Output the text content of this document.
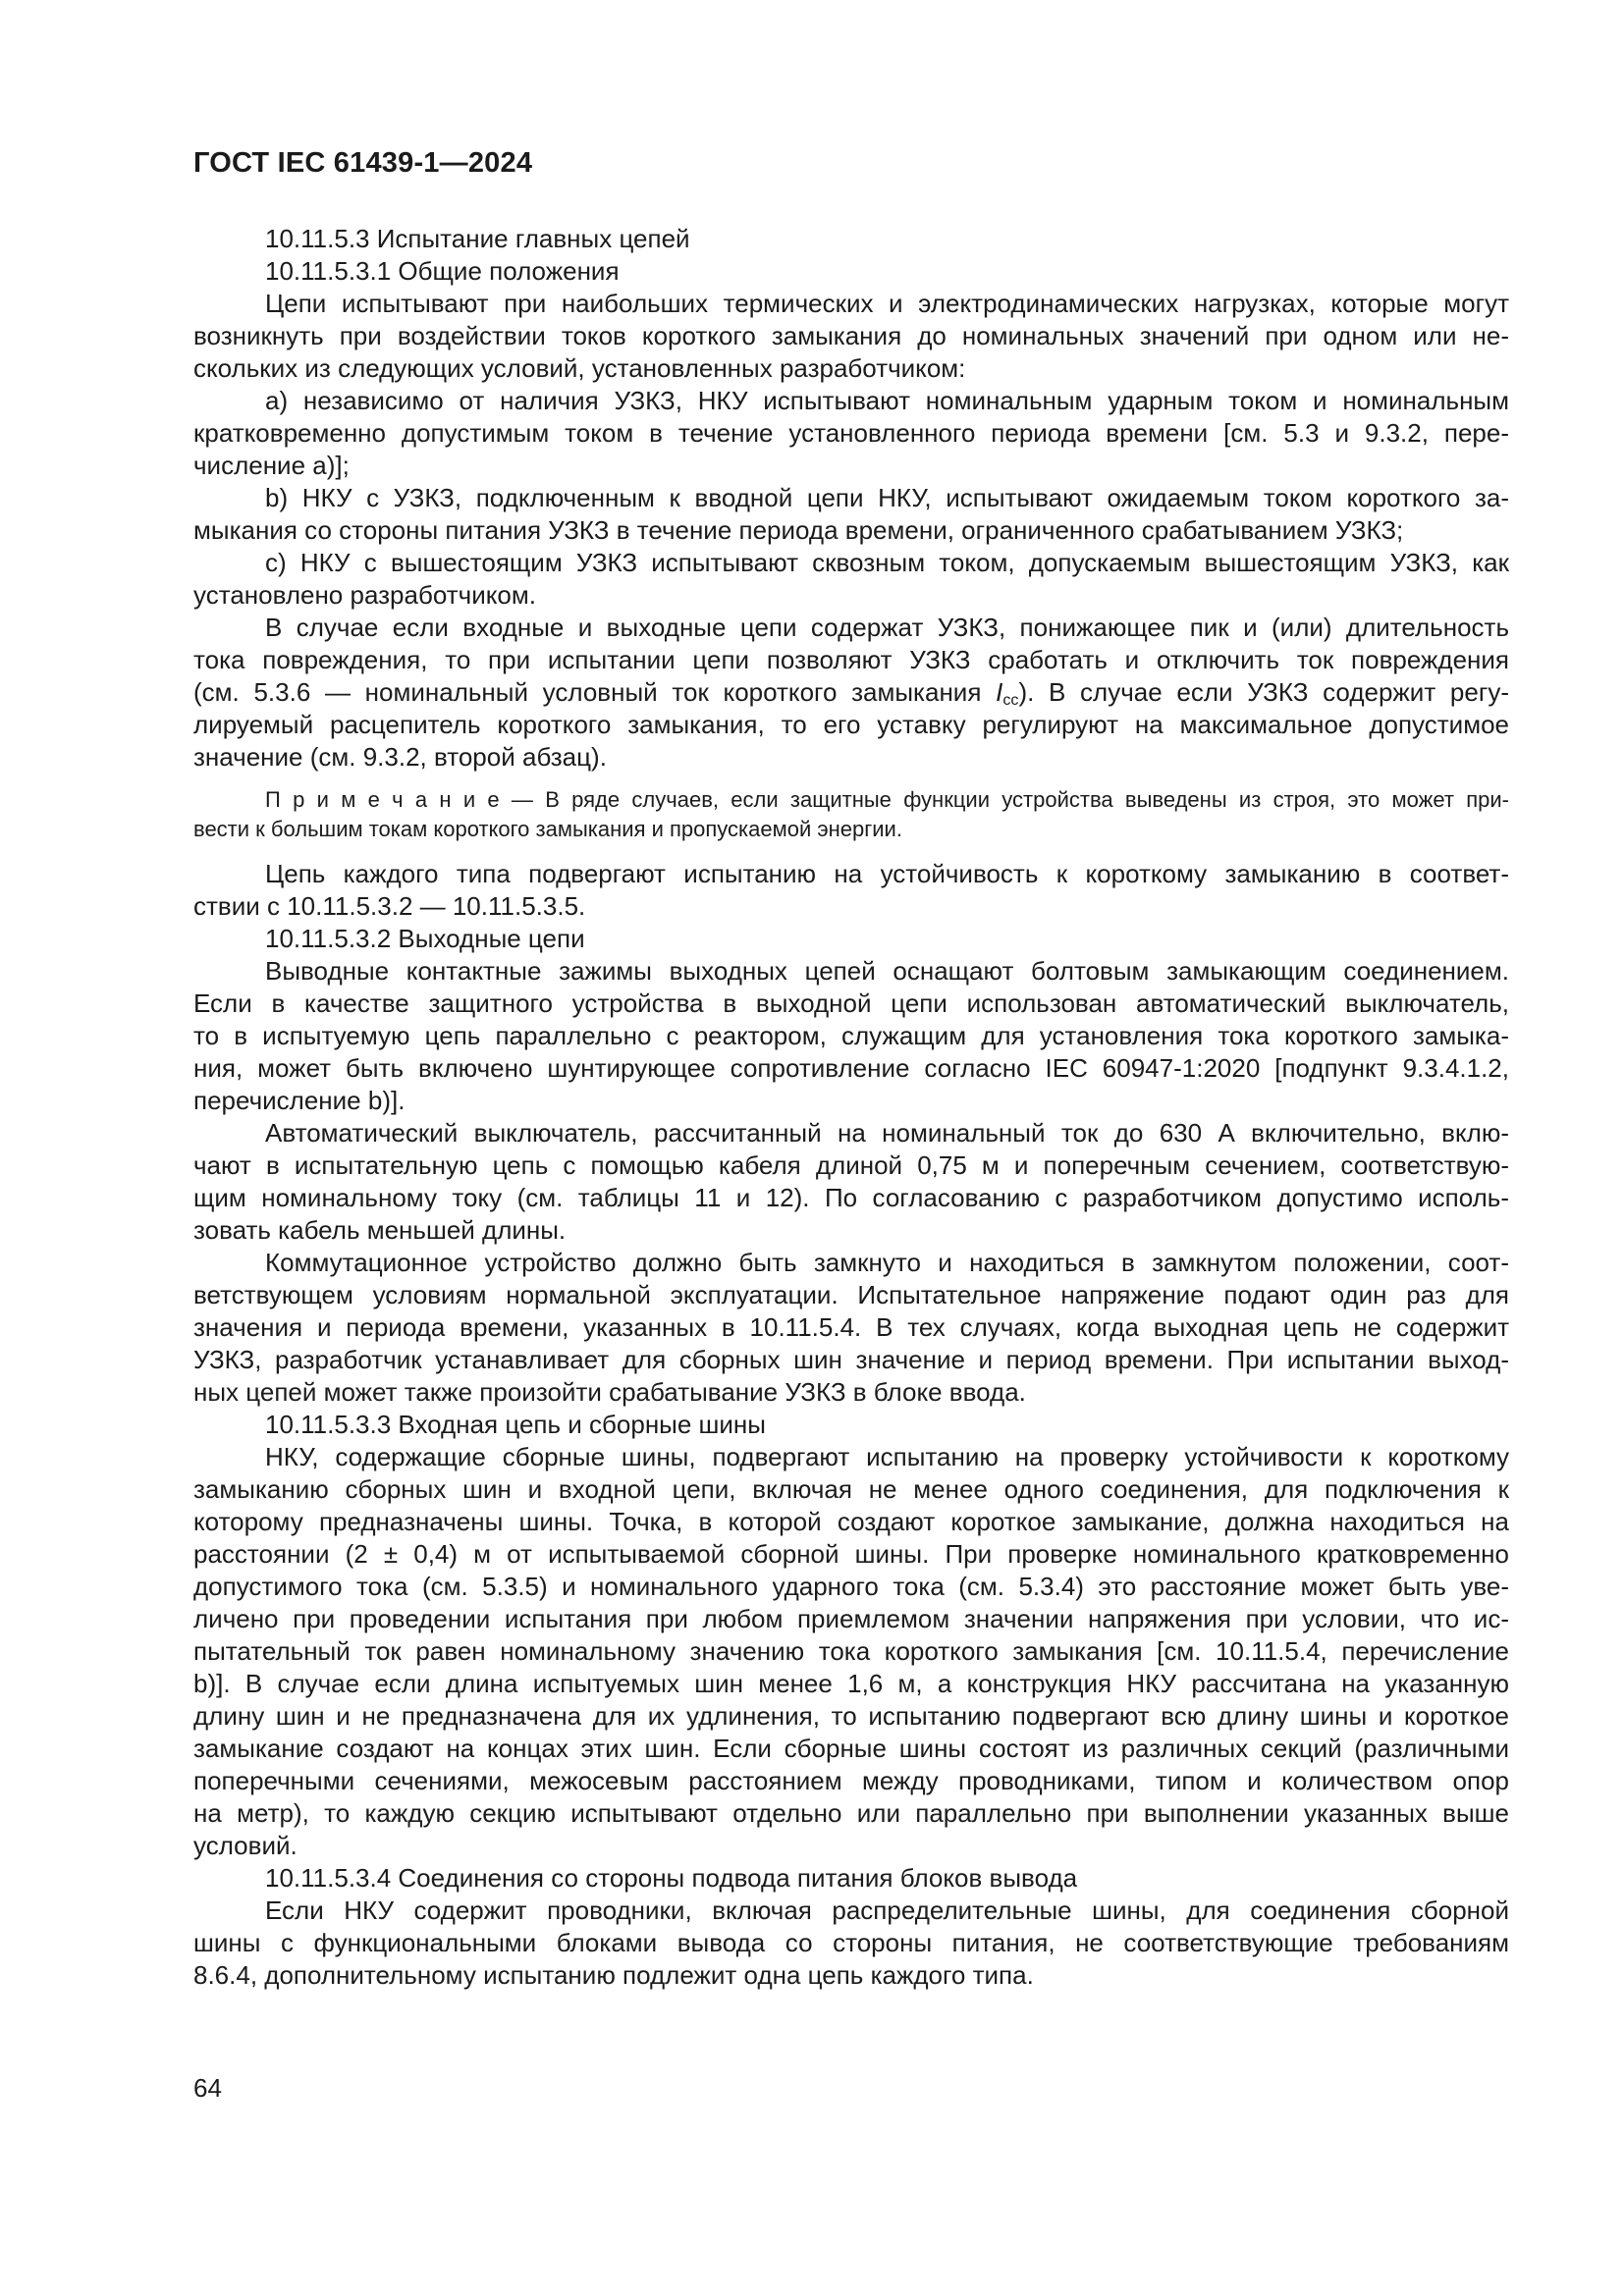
ГОСТ IEC 61439-1—2024
10.11.5.3 Испытание главных цепей
10.11.5.3.1 Общие положения
Цепи испытывают при наибольших термических и электродинамических нагрузках, которые могут
возникнуть при воздействии токов короткого замыкания до номинальных значений при одном или не-
скольких из следующих условий, установленных разработчиком:
a) независимо от наличия УЗКЗ, НКУ испытывают номинальным ударным током и номинальным
кратковременно допустимым током в течение установленного периода времени [см. 5.3 и 9.3.2, пере-
числение a)];
b) НКУ с УЗКЗ, подключенным к вводной цепи НКУ, испытывают ожидаемым током короткого за-
мыкания со стороны питания УЗКЗ в течение периода времени, ограниченного срабатыванием УЗКЗ;
c) НКУ с вышестоящим УЗКЗ испытывают сквозным током, допускаемым вышестоящим УЗКЗ, как
установлено разработчиком.
В случае если входные и выходные цепи содержат УЗКЗ, понижающее пик и (или) длительность
тока повреждения, то при испытании цепи позволяют УЗКЗ сработать и отключить ток повреждения
(см. 5.3.6 — номинальный условный ток короткого замыкания $I_{cc}$). В случае если УЗКЗ содержит регу-
лируемый расцепитель короткого замыкания, то его уставку регулируют на максимальное допустимое
значение (см. 9.3.2, второй абзац).
П р и м е ч а н и е — В ряде случаев, если защитные функции устройства выведены из строя, это может при-
вести к большим токам короткого замыкания и пропускаемой энергии.
Цепь каждого типа подвергают испытанию на устойчивость к короткому замыканию в соответ-
ствии с 10.11.5.3.2 — 10.11.5.3.5.
10.11.5.3.2 Выходные цепи
Выводные контактные зажимы выходных цепей оснащают болтовым замыкающим соединением.
Если в качестве защитного устройства в выходной цепи использован автоматический выключатель,
то в испытуемую цепь параллельно с реактором, служащим для установления тока короткого замыка-
ния, может быть включено шунтирующее сопротивление согласно IEC 60947-1:2020 [подпункт 9.3.4.1.2,
перечисление b)].
Автоматический выключатель, рассчитанный на номинальный ток до 630 А включительно, вклю-
чают в испытательную цепь с помощью кабеля длиной 0,75 м и поперечным сечением, соответствую-
щим номинальному току (см. таблицы 11 и 12). По согласованию с разработчиком допустимо исполь-
зовать кабель меньшей длины.
Коммутационное устройство должно быть замкнуто и находиться в замкнутом положении, соот-
ветствующем условиям нормальной эксплуатации. Испытательное напряжение подают один раз для
значения и периода времени, указанных в 10.11.5.4. В тех случаях, когда выходная цепь не содержит
УЗКЗ, разработчик устанавливает для сборных шин значение и период времени. При испытании выход-
ных цепей может также произойти срабатывание УЗКЗ в блоке ввода.
10.11.5.3.3 Входная цепь и сборные шины
НКУ, содержащие сборные шины, подвергают испытанию на проверку устойчивости к короткому
замыканию сборных шин и входной цепи, включая не менее одного соединения, для подключения к
которому предназначены шины. Точка, в которой создают короткое замыкание, должна находиться на
расстоянии (2 ± 0,4) м от испытываемой сборной шины. При проверке номинального кратковременно
допустимого тока (см. 5.3.5) и номинального ударного тока (см. 5.3.4) это расстояние может быть уве-
личено при проведении испытания при любом приемлемом значении напряжения при условии, что ис-
пытательный ток равен номинальному значению тока короткого замыкания [см. 10.11.5.4, перечисление
b)]. В случае если длина испытуемых шин менее 1,6 м, а конструкция НКУ рассчитана на указанную
длину шин и не предназначена для их удлинения, то испытанию подвергают всю длину шины и короткое
замыкание создают на концах этих шин. Если сборные шины состоят из различных секций (различными
поперечными сечениями, межосевым расстоянием между проводниками, типом и количеством опор
на метр), то каждую секцию испытывают отдельно или параллельно при выполнении указанных выше
условий.
10.11.5.3.4 Соединения со стороны подвода питания блоков вывода
Если НКУ содержит проводники, включая распределительные шины, для соединения сборной
шины с функциональными блоками вывода со стороны питания, не соответствующие требованиям
8.6.4, дополнительному испытанию подлежит одна цепь каждого типа.
64
